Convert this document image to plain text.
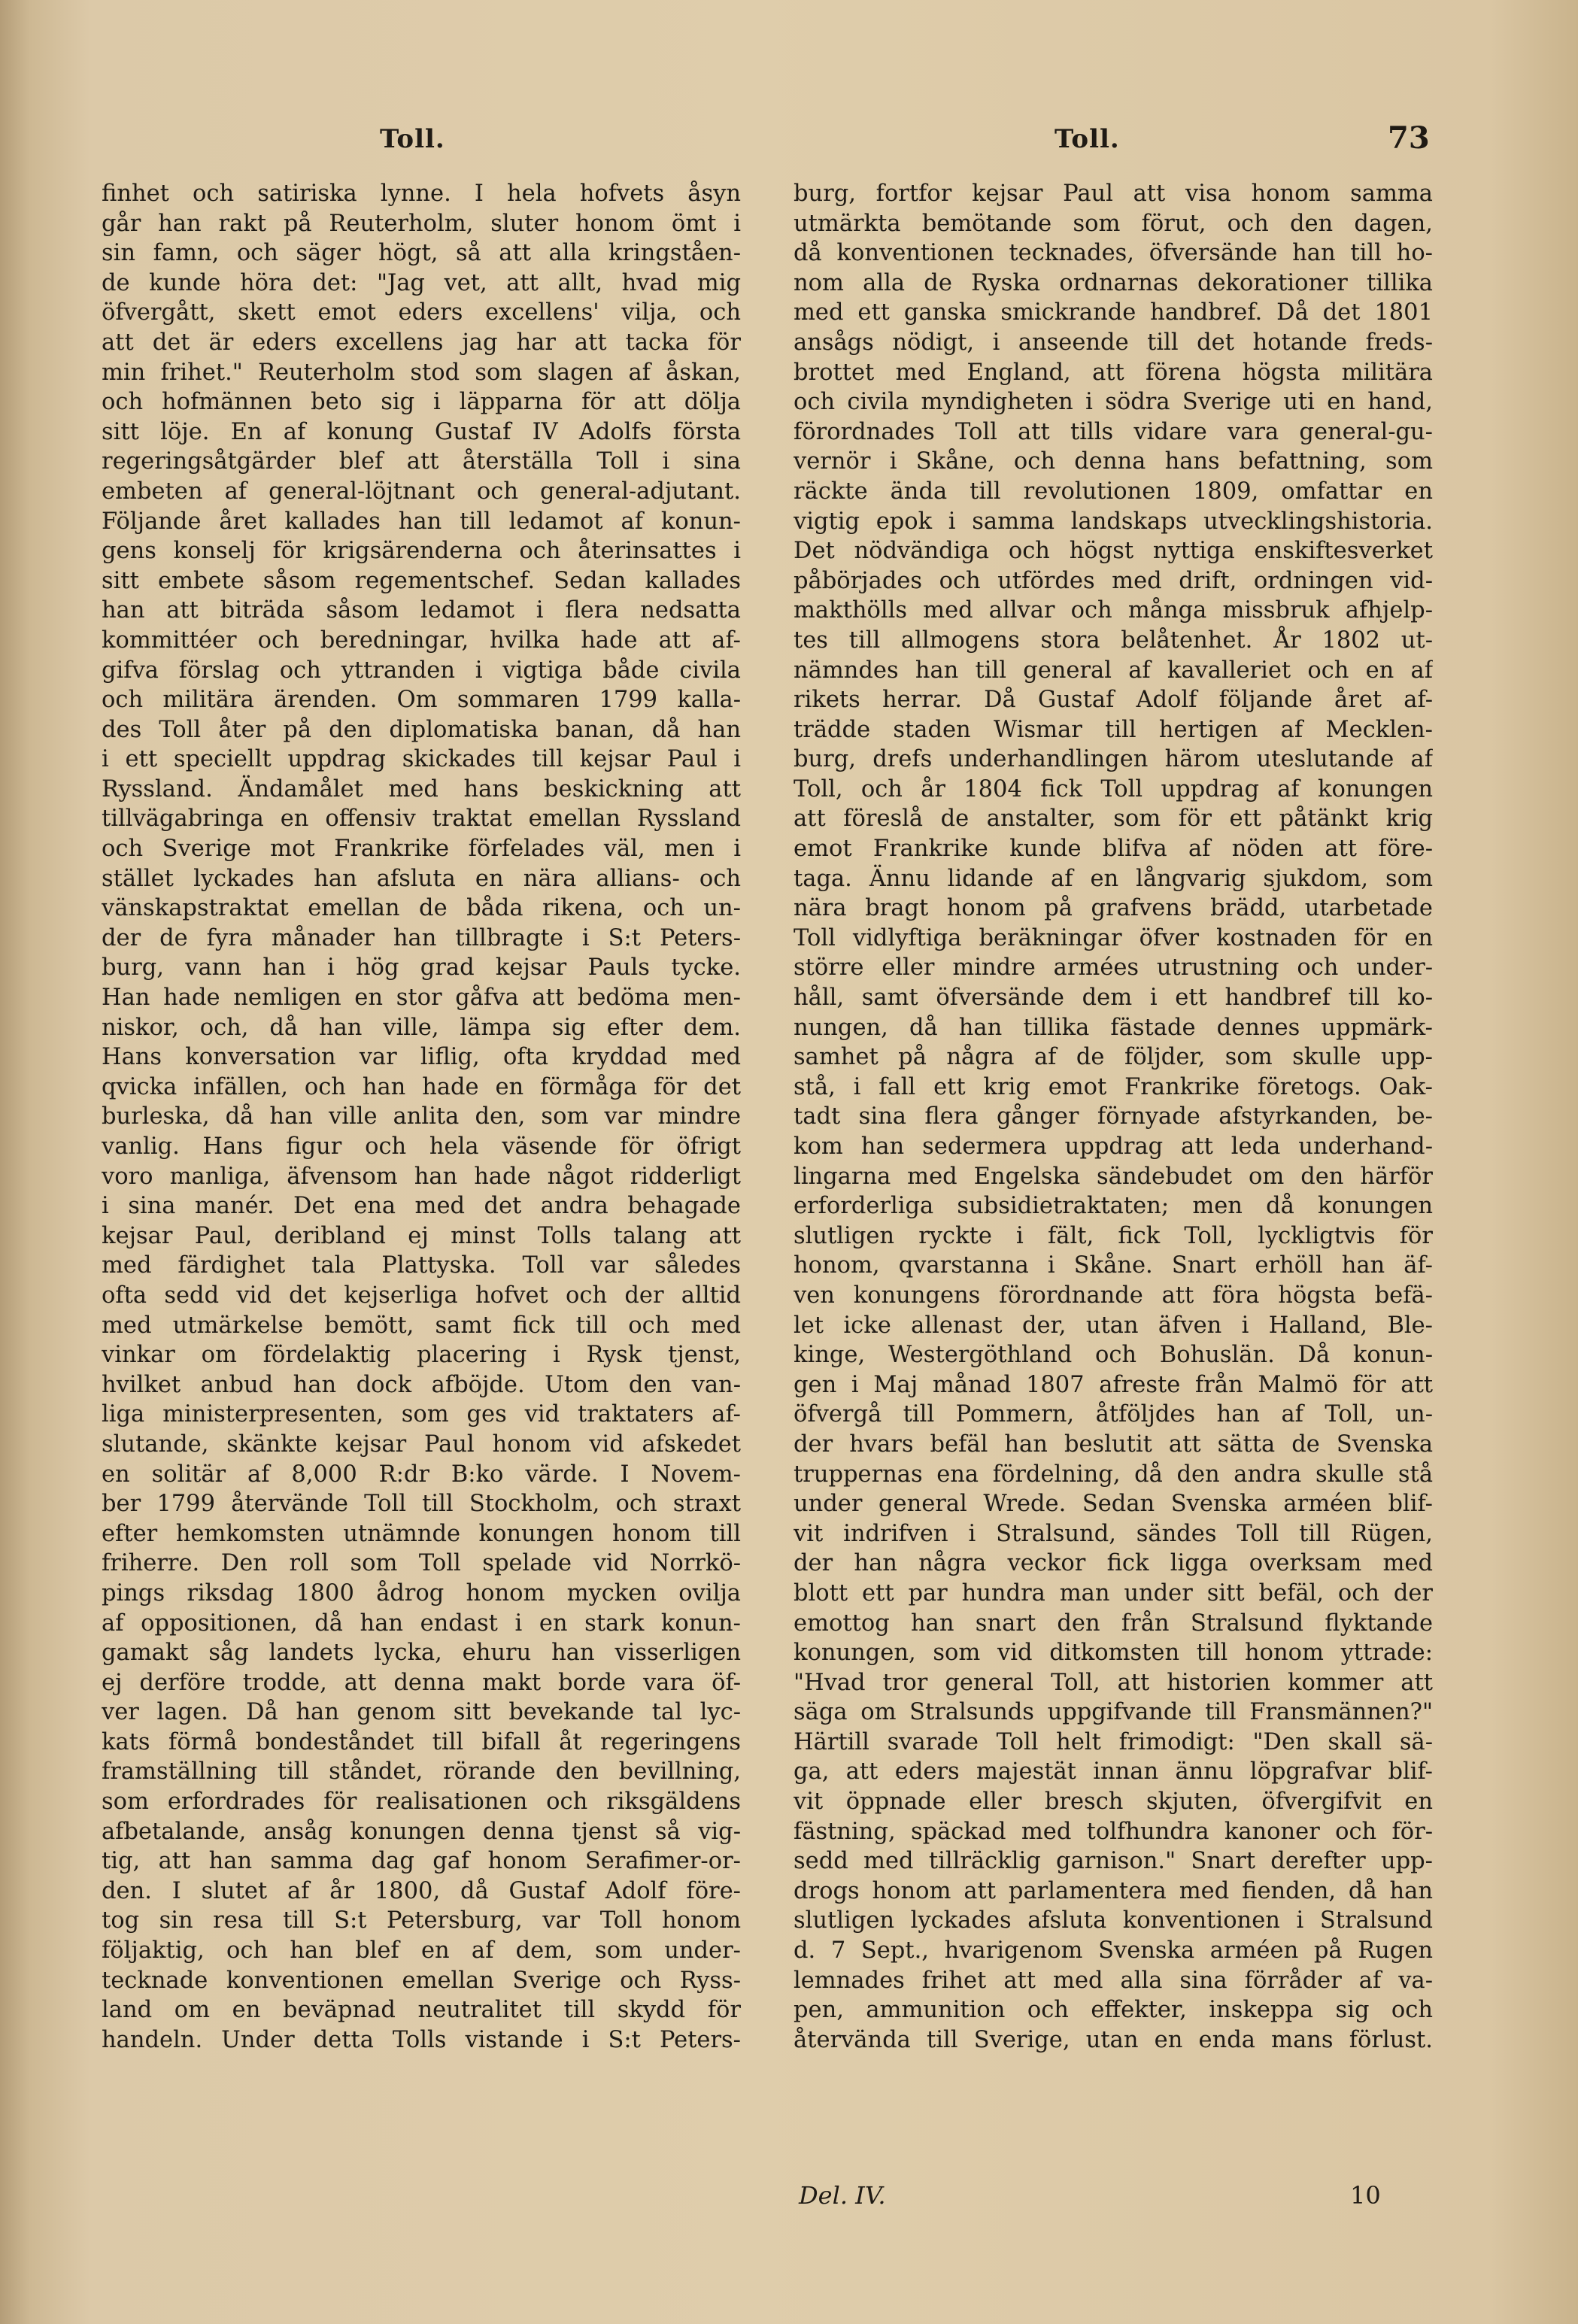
Toll.	Toll.	73
finhet och satiriska lynne. I hela hofvets åsyn
går han rakt på Reuterholm, sluter honom ömt i
sin famn, och säger högt, så att alla kringståen-
de kunde höra det: "Jag vet, att allt, hvad mig
öfvergått, skett emot eders excellens' vilja, och
att det är eders excellens jag har att tacka för
min frihet." Reuterholm stod som slagen af åskan,
och hofmännen beto sig i läpparna för att dölja
sitt löje. En af konung Gustaf IV Adolfs första
regeringsåtgärder blef att återställa Toll i sina
embeten af general-löjtnant och general-adjutant.
Följande året kallades han till ledamot af konun-
gens konselj för krigsärenderna och återinsattes i
sitt embete såsom regementschef. Sedan kallades
han att biträda såsom ledamot i flera nedsatta
kommittéer och beredningar, hvilka hade att af-
gifva förslag och yttranden i vigtiga både civila
och militära ärenden. Om sommaren 1799 kalla-
des Toll åter på den diplomatiska banan, då han
i ett speciellt uppdrag skickades till kejsar Paul i
Ryssland. Ändamålet med hans beskickning att
tillvägabringa en offensiv traktat emellan Ryssland
och Sverige mot Frankrike förfelades väl, men i
stället lyckades han afsluta en nära allians- och
vänskapstraktat emellan de båda rikena, och un-
der de fyra månader han tillbragte i S:t Peters-
burg, vann han i hög grad kejsar Pauls tycke.
Han hade nemligen en stor gåfva att bedöma men-
niskor, och, då han ville, lämpa sig efter dem.
Hans konversation var liflig, ofta kryddad med
qvicka infällen, och han hade en förmåga för det
burleska, då han ville anlita den, som var mindre
vanlig. Hans figur och hela väsende för öfrigt
voro manliga, äfvensom han hade något ridderligt
i sina manér. Det ena med det andra behagade
kejsar Paul, deribland ej minst Tolls talang att
med färdighet tala Plattyska. Toll var således
ofta sedd vid det kejserliga hofvet och der alltid
med utmärkelse bemött, samt fick till och med
vinkar om fördelaktig placering i Rysk tjenst,
hvilket anbud han dock afböjde. Utom den van-
liga ministerpresenten, som ges vid traktaters af-
slutande, skänkte kejsar Paul honom vid afskedet
en solitär af 8,000 R:dr B:ko värde. I Novem-
ber 1799 återvände Toll till Stockholm, och straxt
efter hemkomsten utnämnde konungen honom till
friherre. Den roll som Toll spelade vid Norrkö-
pings riksdag 1800 ådrog honom mycken ovilja
af oppositionen, då han endast i en stark konun-
gamakt såg landets lycka, ehuru han visserligen
ej derföre trodde, att denna makt borde vara öf-
ver lagen. Då han genom sitt bevekande tal lyc-
kats förmå bondeståndet till bifall åt regeringens
framställning till ståndet, rörande den bevillning,
som erfordrades för realisationen och riksgäldens
afbetalande, ansåg konungen denna tjenst så vig-
tig, att han samma dag gaf honom Serafimer-or-
den. I slutet af år 1800, då Gustaf Adolf före-
tog sin resa till S:t Petersburg, var Toll honom
följaktig, och han blef en af dem, som under-
tecknade konventionen emellan Sverige och Ryss-
land om en beväpnad neutralitet till skydd för
handeln. Under detta Tolls vistande i S:t Peters-
burg, fortfor kejsar Paul att visa honom samma
utmärkta bemötande som förut, och den dagen,
då konventionen tecknades, öfversände han till ho-
nom alla de Ryska ordnarnas dekorationer tillika
med ett ganska smickrande handbref. Då det 1801
ansågs nödigt, i anseende till det hotande freds-
brottet med England, att förena högsta militära
och civila myndigheten i södra Sverige uti en hand,
förordnades Toll att tills vidare vara general-gu-
vernör i Skåne, och denna hans befattning, som
räckte ända till revolutionen 1809, omfattar en
vigtig epok i samma landskaps utvecklingshistoria.
Det nödvändiga och högst nyttiga enskiftesverket
påbörjades och utfördes med drift, ordningen vid-
makthölls med allvar och många missbruk afhjelp-
tes till allmogens stora belåtenhet. År 1802 ut-
nämndes han till general af kavalleriet och en af
rikets herrar. Då Gustaf Adolf följande året af-
trädde staden Wismar till hertigen af Mecklen-
burg, drefs underhandlingen härom uteslutande af
Toll, och år 1804 fick Toll uppdrag af konungen
att föreslå de anstalter, som för ett påtänkt krig
emot Frankrike kunde blifva af nöden att före-
taga. Ännu lidande af en långvarig sjukdom, som
nära bragt honom på grafvens brädd, utarbetade
Toll vidlyftiga beräkningar öfver kostnaden för en
större eller mindre armées utrustning och under-
håll, samt öfversände dem i ett handbref till ko-
nungen, då han tillika fästade dennes uppmärk-
samhet på några af de följder, som skulle upp-
stå, i fall ett krig emot Frankrike företogs. Oak-
tadt sina flera gånger förnyade afstyrkanden, be-
kom han sedermera uppdrag att leda underhand-
lingarna med Engelska sändebudet om den härför
erforderliga subsidietraktaten; men då konungen
slutligen ryckte i fält, fick Toll, lyckligtvis för
honom, qvarstanna i Skåne. Snart erhöll han äf-
ven konungens förordnande att föra högsta befä-
let icke allenast der, utan äfven i Halland, Ble-
kinge, Westergöthland och Bohuslän. Då konun-
gen i Maj månad 1807 afreste från Malmö för att
öfvergå till Pommern, åtföljdes han af Toll, un-
der hvars befäl han beslutit att sätta de Svenska
truppernas ena fördelning, då den andra skulle stå
under general Wrede. Sedan Svenska arméen blif-
vit indrifven i Stralsund, sändes Toll till Rügen,
der han några veckor fick ligga overksam med
blott ett par hundra man under sitt befäl, och der
emottog han snart den från Stralsund flyktande
konungen, som vid ditkomsten till honom yttrade:
"Hvad tror general Toll, att historien kommer att
säga om Stralsunds uppgifvande till Fransmännen?"
Härtill svarade Toll helt frimodigt: "Den skall sä-
ga, att eders majestät innan ännu löpgrafvar blif-
vit öppnade eller bresch skjuten, öfvergifvit en
fästning, späckad med tolfhundra kanoner och för-
sedd med tillräcklig garnison." Snart derefter upp-
drogs honom att parlamentera med fienden, då han
slutligen lyckades afsluta konventionen i Stralsund
d. 7 Sept., hvarigenom Svenska arméen på Rugen
lemnades frihet att med alla sina förråder af va-
pen, ammunition och effekter, inskeppa sig och
återvända till Sverige, utan en enda mans förlust.
Del. IV.	10
